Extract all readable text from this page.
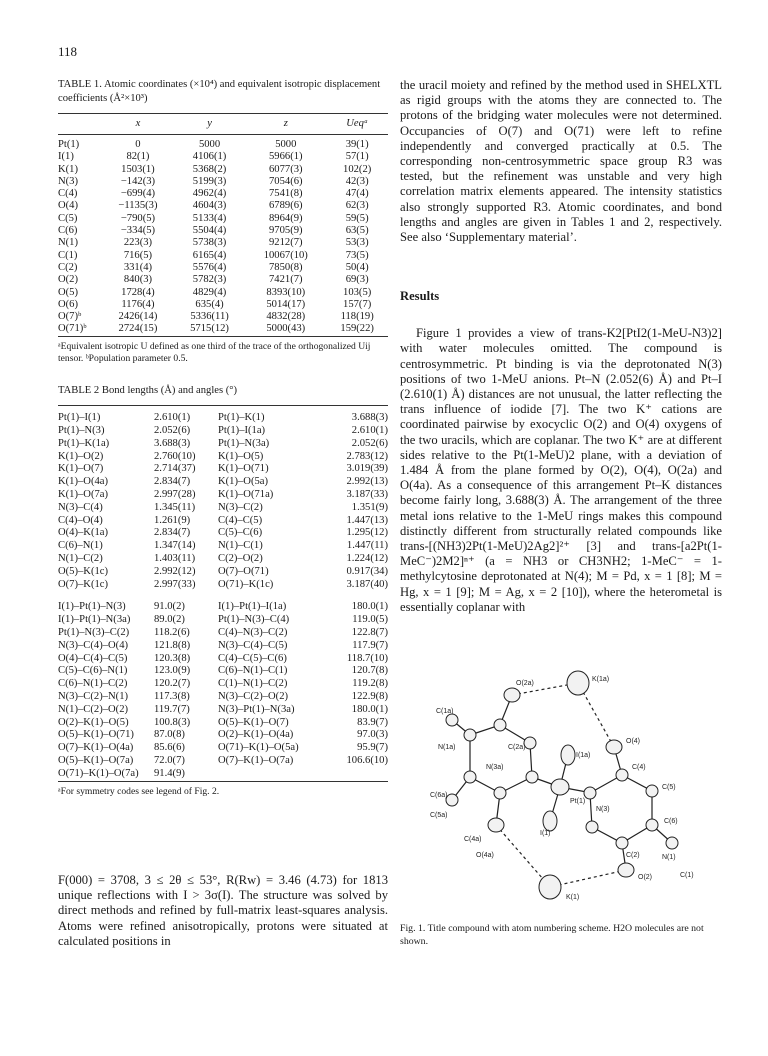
118

TABLE 1. Atomic coordinates (×10⁴) and equivalent isotropic displacement coefficients (Å²×10³)

	x	y	z	Ueqᵃ
Pt(1)	0	5000	5000	39(1)
I(1)	82(1)	4106(1)	5966(1)	57(1)
K(1)	1503(1)	5368(2)	6077(3)	102(2)
N(3)	−142(3)	5199(3)	7054(6)	42(3)
C(4)	−699(4)	4962(4)	7541(8)	47(4)
O(4)	−1135(3)	4604(3)	6789(6)	62(3)
C(5)	−790(5)	5133(4)	8964(9)	59(5)
C(6)	−334(5)	5504(4)	9705(9)	63(5)
N(1)	223(3)	5738(3)	9212(7)	53(3)
C(1)	716(5)	6165(4)	10067(10)	73(5)
C(2)	331(4)	5576(4)	7850(8)	50(4)
O(2)	840(3)	5782(3)	7421(7)	69(3)
O(5)	1728(4)	4829(4)	8393(10)	103(5)
O(6)	1176(4)	635(4)	5014(17)	157(7)
O(7)ᵇ	2426(14)	5336(11)	4832(28)	118(19)
O(71)ᵇ	2724(15)	5715(12)	5000(43)	159(22)

ᵃEquivalent isotropic U defined as one third of the trace of the orthogonalized Uij tensor. ᵇPopulation parameter 0.5.

TABLE 2 Bond lengths (Å) and angles (°)

Pt(1)–I(1)	2.610(1)	Pt(1)–K(1)	3.688(3)
Pt(1)–N(3)	2.052(6)	Pt(1)–I(1a)	2.610(1)
Pt(1)–K(1a)	3.688(3)	Pt(1)–N(3a)	2.052(6)
K(1)–O(2)	2.760(10)	K(1)–O(5)	2.783(12)
K(1)–O(7)	2.714(37)	K(1)–O(71)	3.019(39)
K(1)–O(4a)	2.834(7)	K(1)–O(5a)	2.992(13)
K(1)–O(7a)	2.997(28)	K(1)–O(71a)	3.187(33)
N(3)–C(4)	1.345(11)	N(3)–C(2)	1.351(9)
C(4)–O(4)	1.261(9)	C(4)–C(5)	1.447(13)
O(4)–K(1a)	2.834(7)	C(5)–C(6)	1.295(12)
C(6)–N(1)	1.347(14)	N(1)–C(1)	1.447(11)
N(1)–C(2)	1.403(11)	C(2)–O(2)	1.224(12)
O(5)–K(1c)	2.992(12)	O(7)–O(71)	0.917(34)
O(7)–K(1c)	2.997(33)	O(71)–K(1c)	3.187(40)

I(1)–Pt(1)–N(3)	91.0(2)	I(1)–Pt(1)–I(1a)	180.0(1)
I(1)–Pt(1)–N(3a)	89.0(2)	Pt(1)–N(3)–C(4)	119.0(5)
Pt(1)–N(3)–C(2)	118.2(6)	C(4)–N(3)–C(2)	122.8(7)
N(3)–C(4)–O(4)	121.8(8)	N(3)–C(4)–C(5)	117.9(7)
O(4)–C(4)–C(5)	120.3(8)	C(4)–C(5)–C(6)	118.7(10)
C(5)–C(6)–N(1)	123.0(9)	C(6)–N(1)–C(1)	120.7(8)
C(6)–N(1)–C(2)	120.2(7)	C(1)–N(1)–C(2)	119.2(8)
N(3)–C(2)–N(1)	117.3(8)	N(3)–C(2)–O(2)	122.9(8)
N(1)–C(2)–O(2)	119.7(7)	N(3)–Pt(1)–N(3a)	180.0(1)
O(2)–K(1)–O(5)	100.8(3)	O(5)–K(1)–O(7)	83.9(7)
O(5)–K(1)–O(71)	87.0(8)	O(2)–K(1)–O(4a)	97.0(3)
O(7)–K(1)–O(4a)	85.6(6)	O(71)–K(1)–O(5a)	95.9(7)
O(5)–K(1)–O(7a)	72.0(7)	O(7)–K(1)–O(7a)	106.6(10)
O(71)–K(1)–O(7a)	91.4(9)		

ᵃFor symmetry codes see legend of Fig. 2.

F(000) = 3708, 3 ≤ 2θ ≤ 53°, R(Rw) = 3.46 (4.73) for 1813 unique reflections with I > 3σ(I). The structure was solved by direct methods and refined by full-matrix least-squares analysis. Atoms were refined anisotropically, protons were situated at calculated positions in

the uracil moiety and refined by the method used in SHELXTL as rigid groups with the atoms they are connected to. The protons of the bridging water molecules were not determined. Occupancies of O(7) and O(71) were left to refine independently and converged practically at 0.5. The corresponding non-centrosymmetric space group R3 was tested, but the refinement was unstable and very high correlation matrix elements appeared. The intensity statistics also strongly supported R3. Atomic coordinates, and bond lengths and angles are given in Tables 1 and 2, respectively. See also ‘Supplementary material’.

Results

Figure 1 provides a view of trans-K2[PtI2(1-MeU-N3)2] with water molecules omitted. The compound is centrosymmetric. Pt binding is via the deprotonated N(3) positions of two 1-MeU anions. Pt–N (2.052(6) Å) and Pt–I (2.610(1) Å) distances are not unusual, the latter reflecting the trans influence of iodide [7]. The two K⁺ cations are coordinated pairwise by exocyclic O(2) and O(4) oxygens of the two uracils, which are coplanar. The two K⁺ are at different sides relative to the Pt(1-MeU)2 plane, with a deviation of 1.484 Å from the plane formed by O(2), O(4), O(2a) and O(4a). As a consequence of this arrangement Pt–K distances become fairly long, 3.688(3) Å. The arrangement of the three metal ions relative to the 1-MeU rings makes this compound distinctly different from structurally related compounds like trans-[(NH3)2Pt(1-MeU)2Ag2]²⁺ [3] and trans-[a2Pt(1-MeC⁻)2M2]ⁿ⁺ (a = NH3 or CH3NH2; 1-MeC⁻ = 1-methylcytosine deprotonated at N(4); M = Pd, x = 1 [8]; M = Hg, x = 1 [9]; M = Ag, x = 2 [10]), where the heterometal is essentially coplanar with

K(1a)
O(2a)
C(1a)
O(4)
C(4)
C(5)
N(1a)
N(3a)
C(2a)
I(1a)
Pt(1)
N(3)
C(6)
C(6a)
I(1)
N(1)
C(5a)
C(4a)
C(2)
O(4a)
O(2)	C(1)
K(1)
Fig. 1. Title compound with atom numbering scheme. H2O molecules are not shown.
